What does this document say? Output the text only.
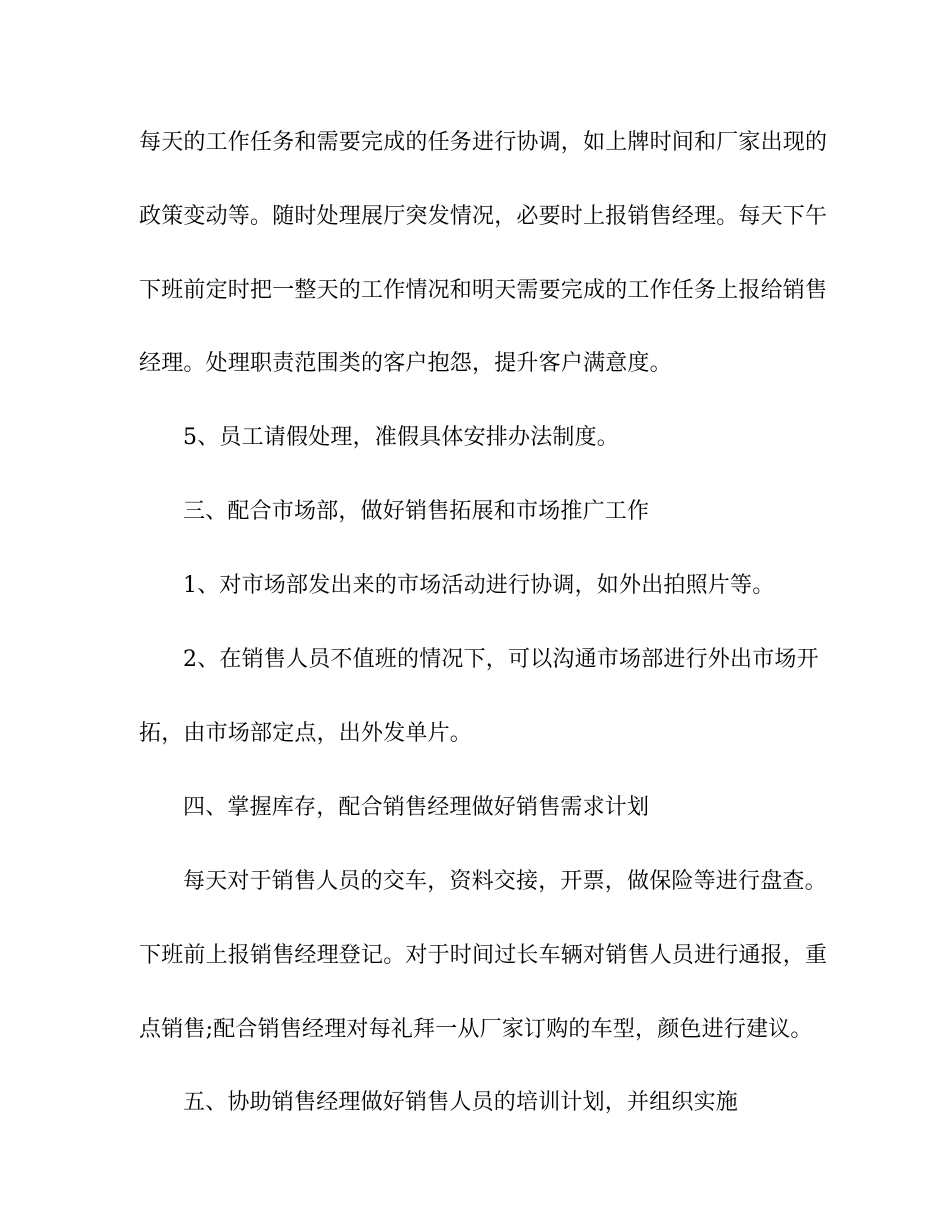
每天的工作任务和需要完成的任务进行协调，如上牌时间和厂家出现的
政策变动等。随时处理展厅突发情况，必要时上报销售经理。每天下午
下班前定时把一整天的工作情况和明天需要完成的工作任务上报给销售
经理。处理职责范围类的客户抱怨，提升客户满意度。
5、员工请假处理，准假具体安排办法制度。
三、配合市场部，做好销售拓展和市场推广工作
1、对市场部发出来的市场活动进行协调，如外出拍照片等。
2、在销售人员不值班的情况下，可以沟通市场部进行外出市场开
拓，由市场部定点，出外发单片。
四、掌握库存，配合销售经理做好销售需求计划
每天对于销售人员的交车，资料交接，开票，做保险等进行盘查。
下班前上报销售经理登记。对于时间过长车辆对销售人员进行通报，重
点销售;配合销售经理对每礼拜一从厂家订购的车型，颜色进行建议。
五、协助销售经理做好销售人员的培训计划，并组织实施
